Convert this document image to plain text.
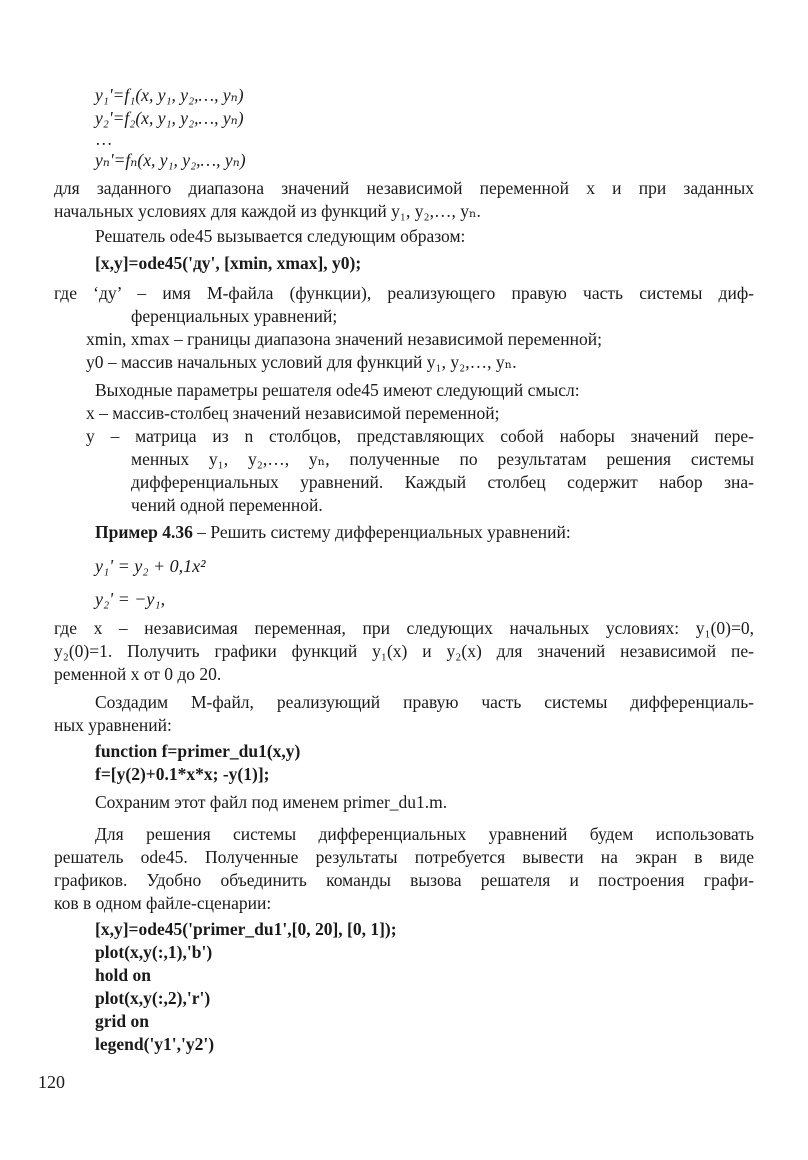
y₁'=f₁(x, y₁, y₂,…, yₙ)
y₂'=f₂(x, y₁, y₂,…, yₙ)
…
yₙ'=fₙ(x, y₁, y₂,…, yₙ)
для заданного диапазона значений независимой переменной x и при заданных
начальных условиях для каждой из функций y₁, y₂,…, yₙ.
Решатель ode45 вызывается следующим образом:
[x,y]=ode45('ду', [xmin, xmax], y0);
где ‘ду’ – имя М-файла (функции), реализующего правую часть системы диф-
ференциальных уравнений;
xmin, xmax – границы диапазона значений независимой переменной;
y0 – массив начальных условий для функций y₁, y₂,…, yₙ.
Выходные параметры решателя ode45 имеют следующий смысл:
x – массив-столбец значений независимой переменной;
y – матрица из n столбцов, представляющих собой наборы значений пере-
менных y₁, y₂,…, yₙ, полученные по результатам решения системы
дифференциальных уравнений. Каждый столбец содержит набор зна-
чений одной переменной.
Пример 4.36 – Решить систему дифференциальных уравнений:
y₁' = y₂ + 0,1x²
y₂' = −y₁,
где x – независимая переменная, при следующих начальных условиях: y₁(0)=0,
y₂(0)=1. Получить графики функций y₁(x) и y₂(x) для значений независимой пе-
ременной x от 0 до 20.
Создадим М-файл, реализующий правую часть системы дифференциаль-
ных уравнений:
function f=primer_du1(x,y)
f=[y(2)+0.1*x*x; -y(1)];
Сохраним этот файл под именем primer_du1.m.
Для решения системы дифференциальных уравнений будем использовать
решатель ode45. Полученные результаты потребуется вывести на экран в виде
графиков. Удобно объединить команды вызова решателя и построения графи-
ков в одном файле-сценарии:
[x,y]=ode45('primer_du1',[0, 20], [0, 1]);
plot(x,y(:,1),'b')
hold on
plot(x,y(:,2),'r')
grid on
legend('y1','y2')
120
